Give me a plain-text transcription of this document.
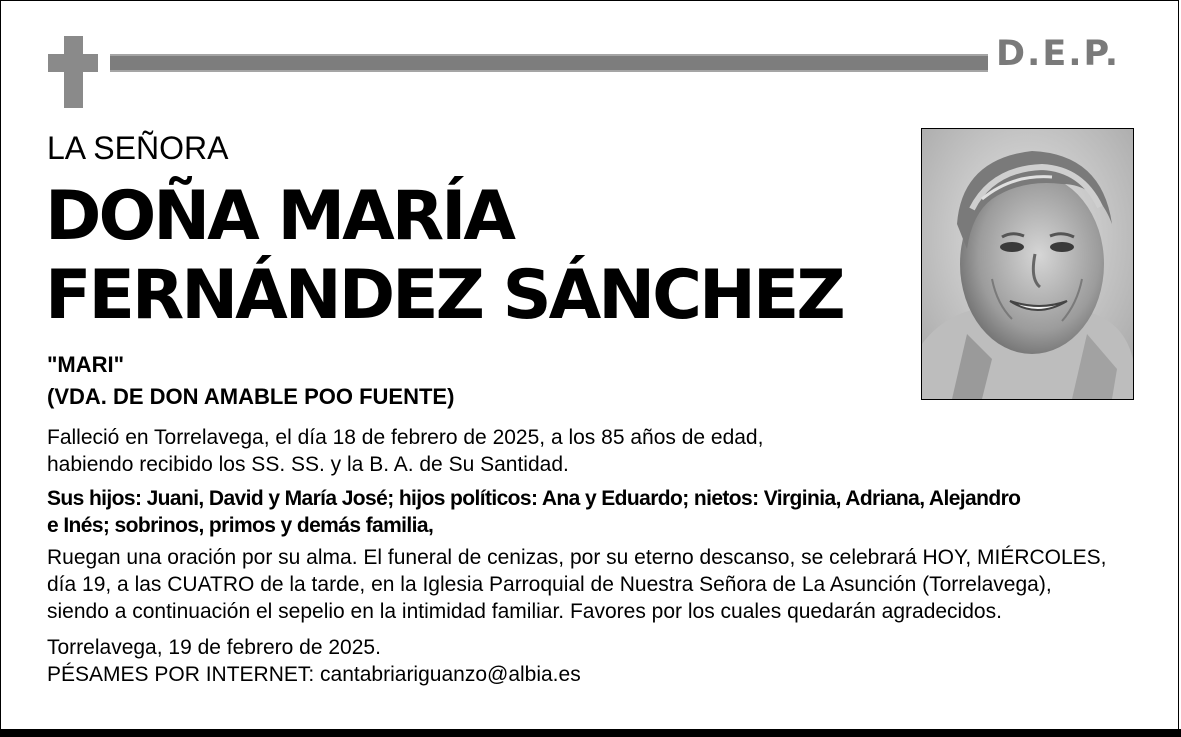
D.E.P.
LA SEÑORA
DOÑA MARÍA
FERNÁNDEZ SÁNCHEZ
"MARI"
(VDA. DE DON AMABLE POO FUENTE)
Falleció en Torrelavega, el día 18 de febrero de 2025, a los 85 años de edad,
habiendo recibido los SS. SS. y la B. A. de Su Santidad.
Sus hijos: Juani, David y María José; hijos políticos: Ana y Eduardo; nietos: Virginia, Adriana, Alejandro
e Inés; sobrinos, primos y demás familia,
Ruegan una oración por su alma. El funeral de cenizas, por su eterno descanso, se celebrará HOY, MIÉRCOLES,
día 19, a las CUATRO de la tarde, en la Iglesia Parroquial de Nuestra Señora de La Asunción (Torrelavega),
siendo a continuación el sepelio en la intimidad familiar. Favores por los cuales quedarán agradecidos.
Torrelavega, 19 de febrero de 2025.
PÉSAMES POR INTERNET: cantabriariguanzo@albia.es
